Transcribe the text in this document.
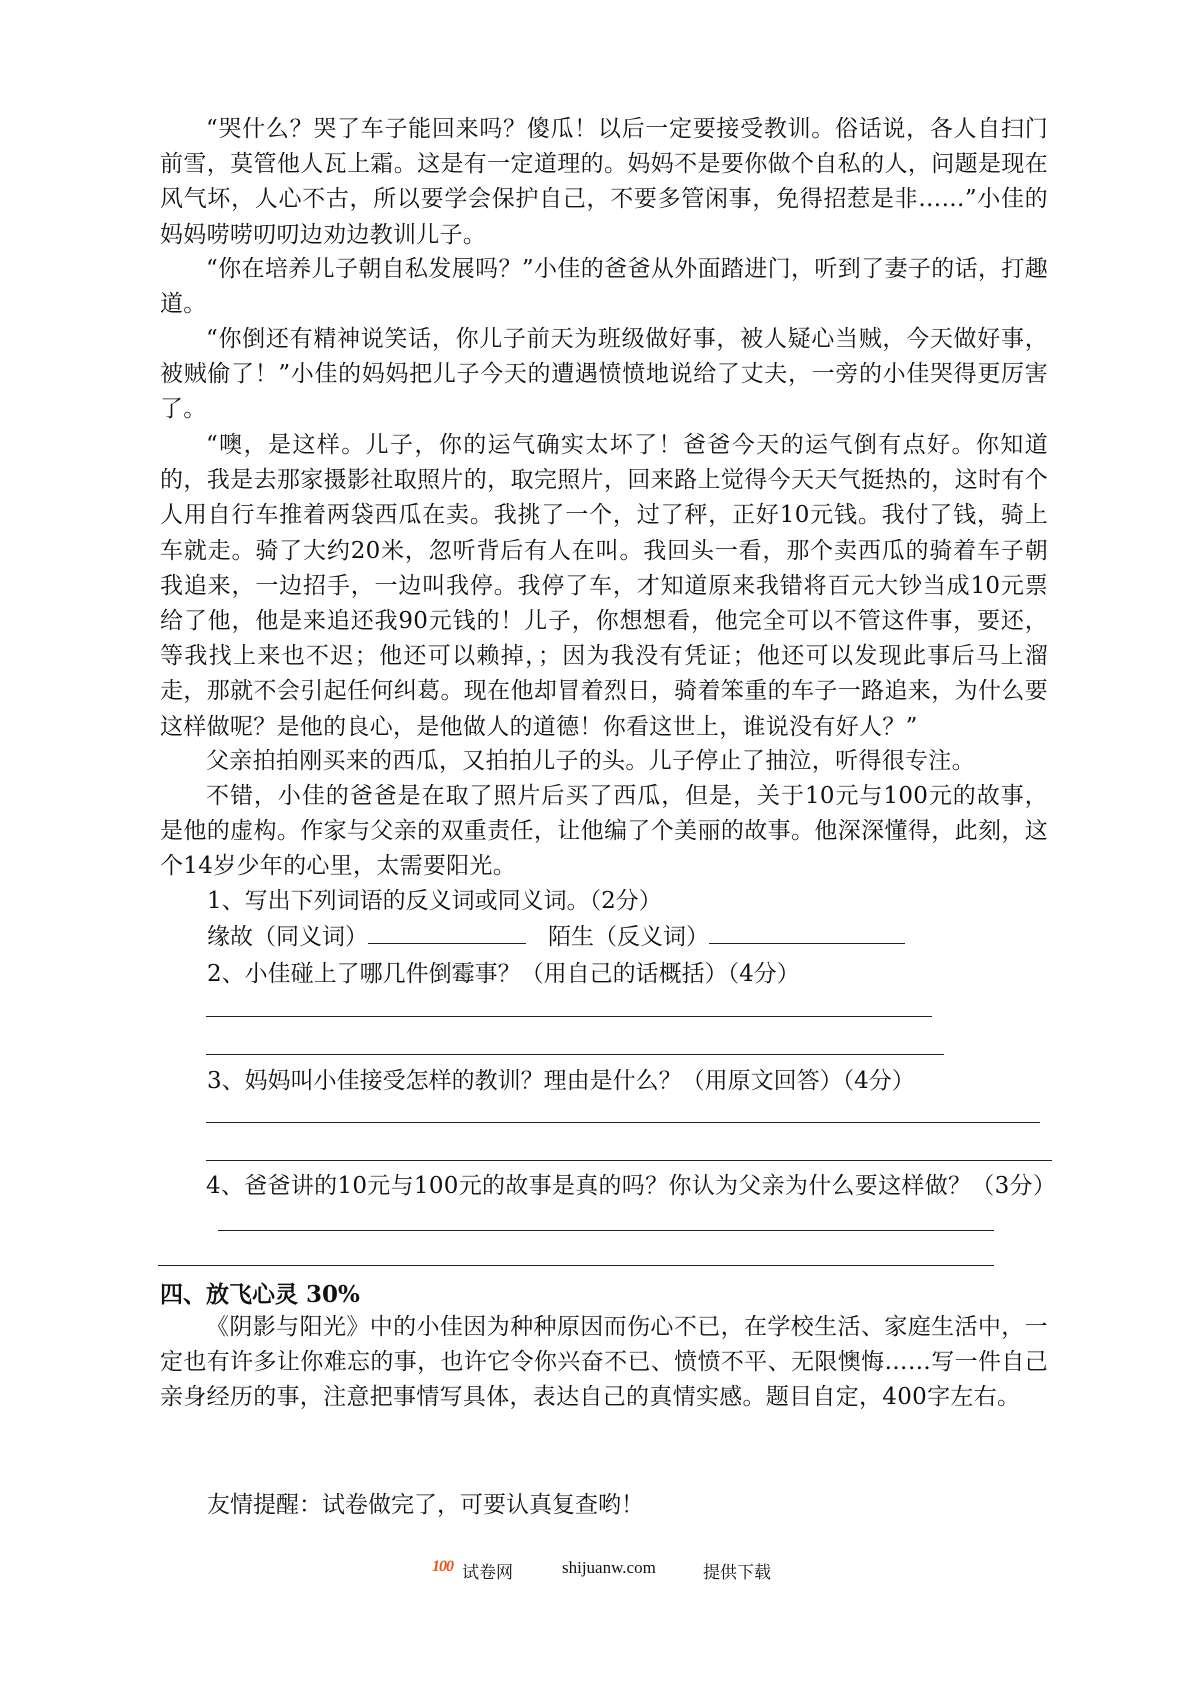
“哭什么？哭了车子能回来吗？傻瓜！以后一定要接受教训。俗话说，各人自扫门前雪，莫管他人瓦上霜。这是有一定道理的。妈妈不是要你做个自私的人，问题是现在风气坏，人心不古，所以要学会保护自己，不要多管闲事，免得招惹是非……”小佳的妈妈唠唠叨叨边劝边教训儿子。

“你在培养儿子朝自私发展吗？”小佳的爸爸从外面踏进门，听到了妻子的话，打趣道。

“你倒还有精神说笑话，你儿子前天为班级做好事，被人疑心当贼，今天做好事，被贼偷了！”小佳的妈妈把儿子今天的遭遇愤愤地说给了丈夫，一旁的小佳哭得更厉害了。

“噢，是这样。儿子，你的运气确实太坏了！爸爸今天的运气倒有点好。你知道的，我是去那家摄影社取照片的，取完照片，回来路上觉得今天天气挺热的，这时有个人用自行车推着两袋西瓜在卖。我挑了一个，过了秤，正好10元钱。我付了钱，骑上车就走。骑了大约20米，忽听背后有人在叫。我回头一看，那个卖西瓜的骑着车子朝我追来，一边招手，一边叫我停。我停了车，才知道原来我错将百元大钞当成10元票给了他，他是来追还我90元钱的！儿子，你想想看，他完全可以不管这件事，要还，等我找上来也不迟；他还可以赖掉，；因为我没有凭证；他还可以发现此事后马上溜走，那就不会引起任何纠葛。现在他却冒着烈日，骑着笨重的车子一路追来，为什么要这样做呢？是他的良心，是他做人的道德！你看这世上，谁说没有好人？”

父亲拍拍刚买来的西瓜，又拍拍儿子的头。儿子停止了抽泣，听得很专注。

不错，小佳的爸爸是在取了照片后买了西瓜，但是，关于10元与100元的故事，是他的虚构。作家与父亲的双重责任，让他编了个美丽的故事。他深深懂得，此刻，这个14岁少年的心里，太需要阳光。

1、写出下列词语的反义词或同义词。（2分）

缘故（同义词）	陌生（反义词）

2、小佳碰上了哪几件倒霉事？（用自己的话概括）（4分）

3、妈妈叫小佳接受怎样的教训？理由是什么？（用原文回答）（4分）

4、爸爸讲的10元与100元的故事是真的吗？你认为父亲为什么要这样做？（3分）

四、放飞心灵 30%

《阴影与阳光》中的小佳因为种种原因而伤心不已，在学校生活、家庭生活中，一定也有许多让你难忘的事，也许它令你兴奋不已、愤愤不平、无限懊悔……写一件自己亲身经历的事，注意把事情写具体，表达自己的真情实感。题目自定，400字左右。

友情提醒：试卷做完了，可要认真复查哟！

100 试卷网	shijuanw.com	提供下载
